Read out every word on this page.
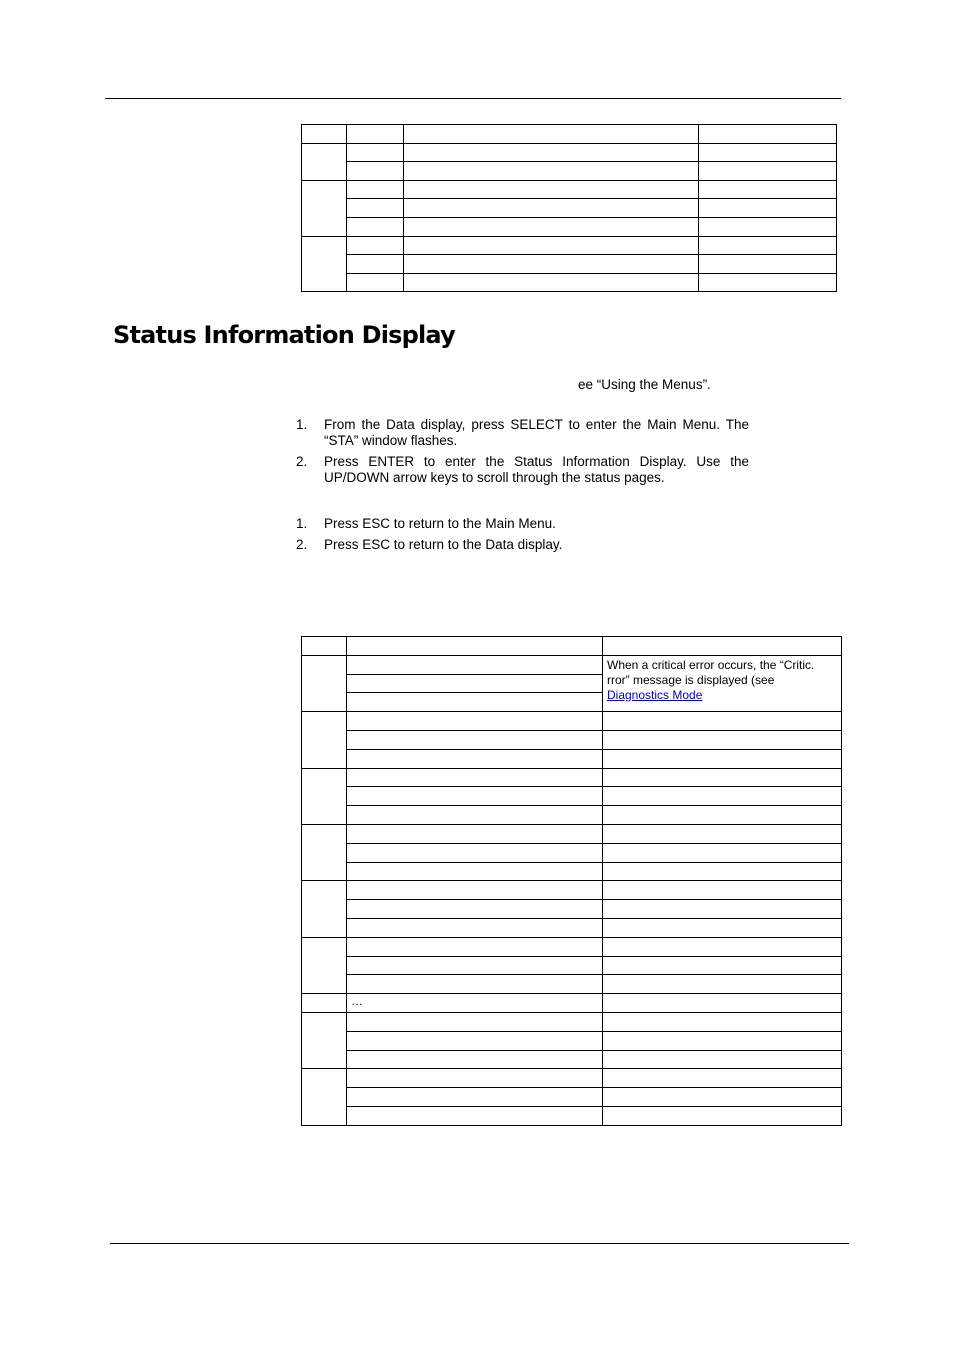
Status Information Display
ee “Using the Menus”.
1. From the Data display, press SELECT to enter the Main Menu. The “STA” window flashes.
2. Press ENTER to enter the Status Information Display. Use the UP/DOWN arrow keys to scroll through the status pages.
1. Press ESC to return to the Main Menu.
2. Press ESC to return to the Data display.

		When a critical error occurs, the “Critic. rror” message is displayed (see
Diagnostics Mode

	…	
